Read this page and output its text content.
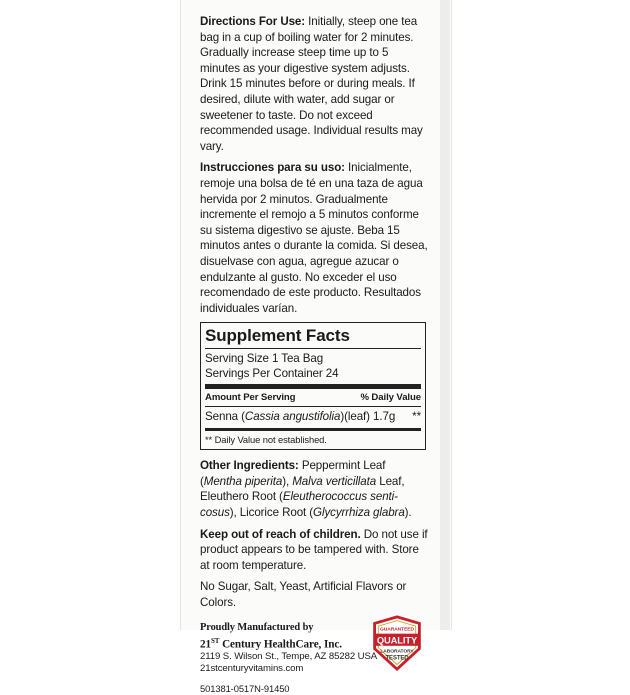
Directions For Use: Initially, steep one tea bag in a cup of boiling water for 2 minutes. Gradually increase steep time up to 5 minutes as your digestive system adjusts. Drink 15 minutes before or during meals. If desired, dilute with water, add sugar or sweetener to taste. Do not exceed recommended usage. Individual results may vary.

Instrucciones para su uso: Inicialmente, remoje una bolsa de té en una taza de agua hervida por 2 minutos. Gradualmente incremente el remojo a 5 minutos conforme su sistema digestivo se ajuste. Beba 15 minutos antes o durante la comida. Si desea, disuelvase con agua, agregue azucar o endulzante al gusto. No exceder el uso recomendado de este producto. Resultados individuales varían.

Supplement Facts
Serving Size 1 Tea Bag
Servings Per Container 24
Amount Per Serving	% Daily Value
Senna (Cassia angustifolia)(leaf) 1.7g **
** Daily Value not established.

Other Ingredients: Peppermint Leaf (Mentha piperita), Malva verticillata Leaf, Eleuthero Root (Eleutherococcus senti-cosus), Licorice Root (Glycyrrhiza glabra).

Keep out of reach of children. Do not use if product appears to be tampered with. Store at room temperature.

No Sugar, Salt, Yeast, Artificial Flavors or Colors.

Proudly Manufactured by
21ST Century HealthCare, Inc.
2119 S. Wilson St., Tempe, AZ 85282 USA
21stcenturyvitamins.com
501381-0517N-91450
GUARANTEED
QUALITY
LABORATORY
TESTED
